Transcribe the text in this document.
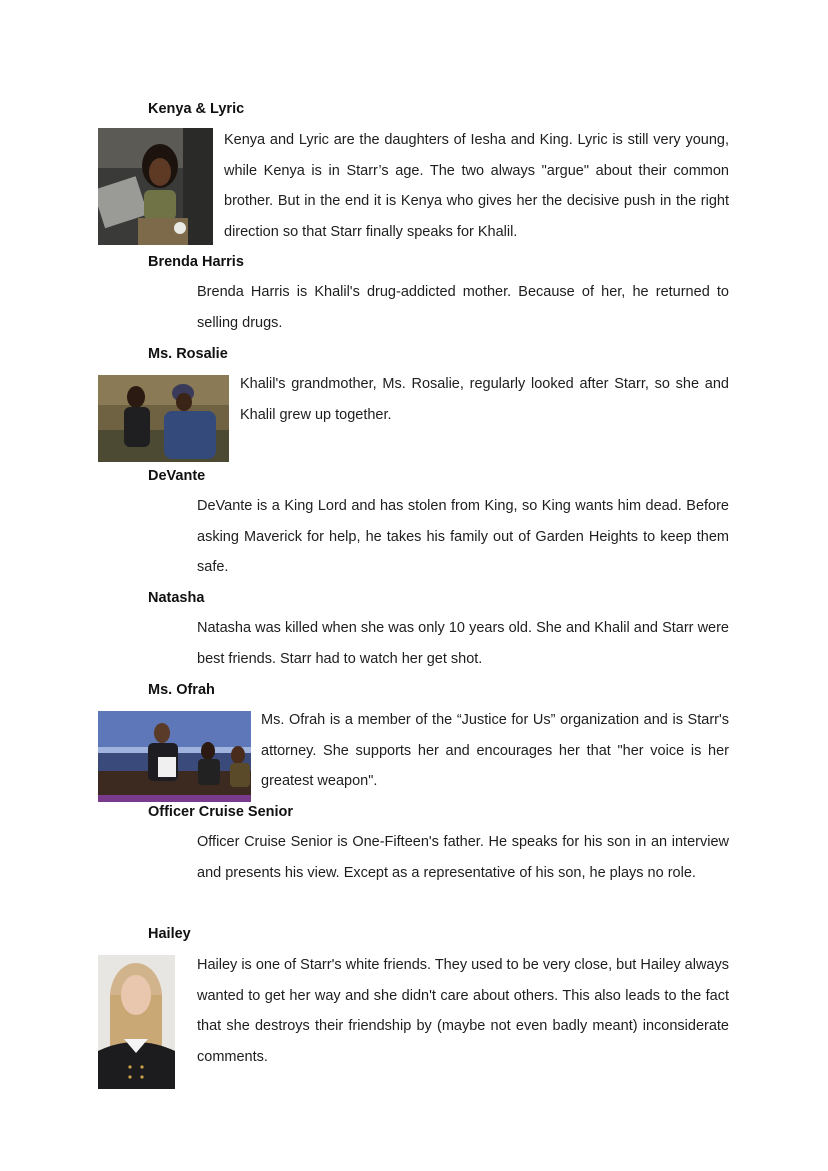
Kenya & Lyric

Kenya and Lyric are the daughters of Iesha and King. Lyric is still very young, while Kenya is in Starr’s age. The two always "argue" about their common brother. But in the end it is Kenya who gives her the decisive push in the right direction so that Starr finally speaks for Khalil.

Brenda Harris

Brenda Harris is Khalil's drug-addicted mother. Because of her, he returned to selling drugs.

Ms. Rosalie

Khalil's grandmother, Ms. Rosalie, regularly looked after Starr, so she and Khalil grew up together.

DeVante

DeVante is a King Lord and has stolen from King, so King wants him dead. Before asking Maverick for help, he takes his family out of Garden Heights to keep them safe.

Natasha

Natasha was killed when she was only 10 years old. She and Khalil and Starr were best friends. Starr had to watch her get shot.

Ms. Ofrah

Ms. Ofrah is a member of the “Justice for Us” organization and is Starr's attorney. She supports her and encourages her that "her voice is her greatest weapon".

Officer Cruise Senior

Officer Cruise Senior is One-Fifteen's father. He speaks for his son in an interview and presents his view. Except as a representative of his son, he plays no role.

Hailey

Hailey is one of Starr's white friends. They used to be very close, but Hailey always wanted to get her way and she didn't care about others. This also leads to the fact that she destroys their friendship by (maybe not even badly meant) inconsiderate comments.
